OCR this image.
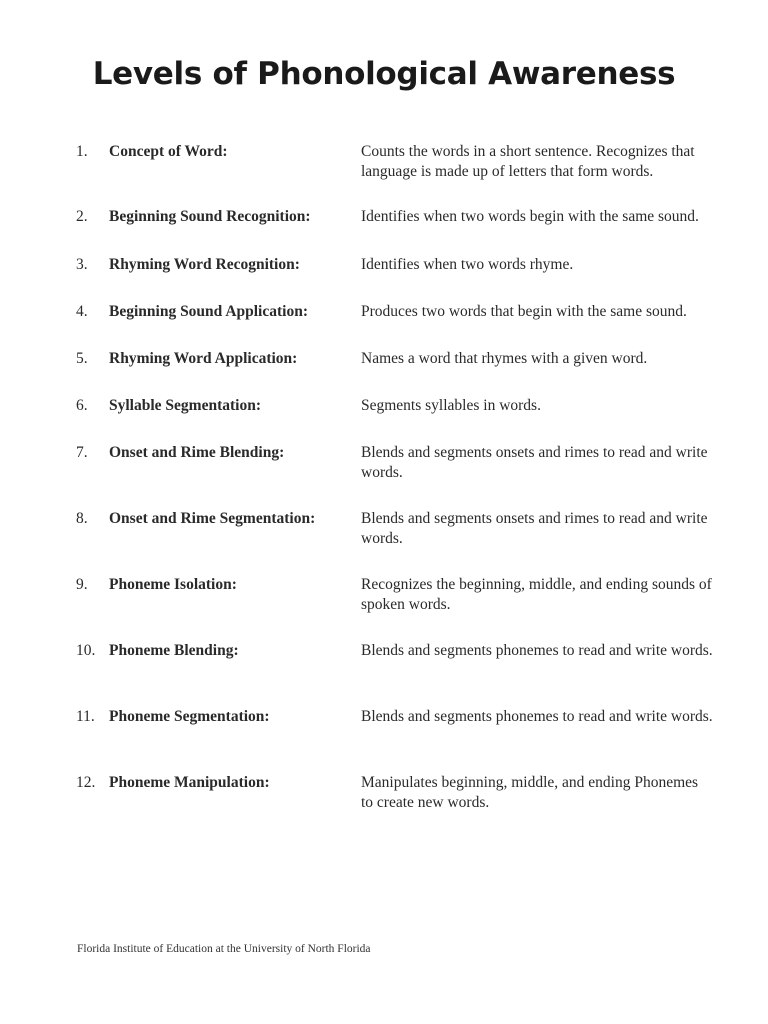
Levels of Phonological Awareness
1. Concept of Word:	Counts the words in a short sentence. Recognizes that language is made up of letters that form words.
2. Beginning Sound Recognition:	Identifies when two words begin with the same sound.
3. Rhyming Word Recognition:	Identifies when two words rhyme.
4. Beginning Sound Application:	Produces two words that begin with the same sound.
5. Rhyming Word Application:	Names a word that rhymes with a given word.
6. Syllable Segmentation:	Segments syllables in words.
7. Onset and Rime Blending:	Blends and segments onsets and rimes to read and write words.
8. Onset and Rime Segmentation:	Blends and segments onsets and rimes to read and write words.
9. Phoneme Isolation:	Recognizes the beginning, middle, and ending sounds of spoken words.
10. Phoneme Blending:	Blends and segments phonemes to read and write words.
11. Phoneme Segmentation:	Blends and segments phonemes to read and write words.
12. Phoneme Manipulation:	Manipulates beginning, middle, and ending Phonemes to create new words.
Florida Institute of Education at the University of North Florida
